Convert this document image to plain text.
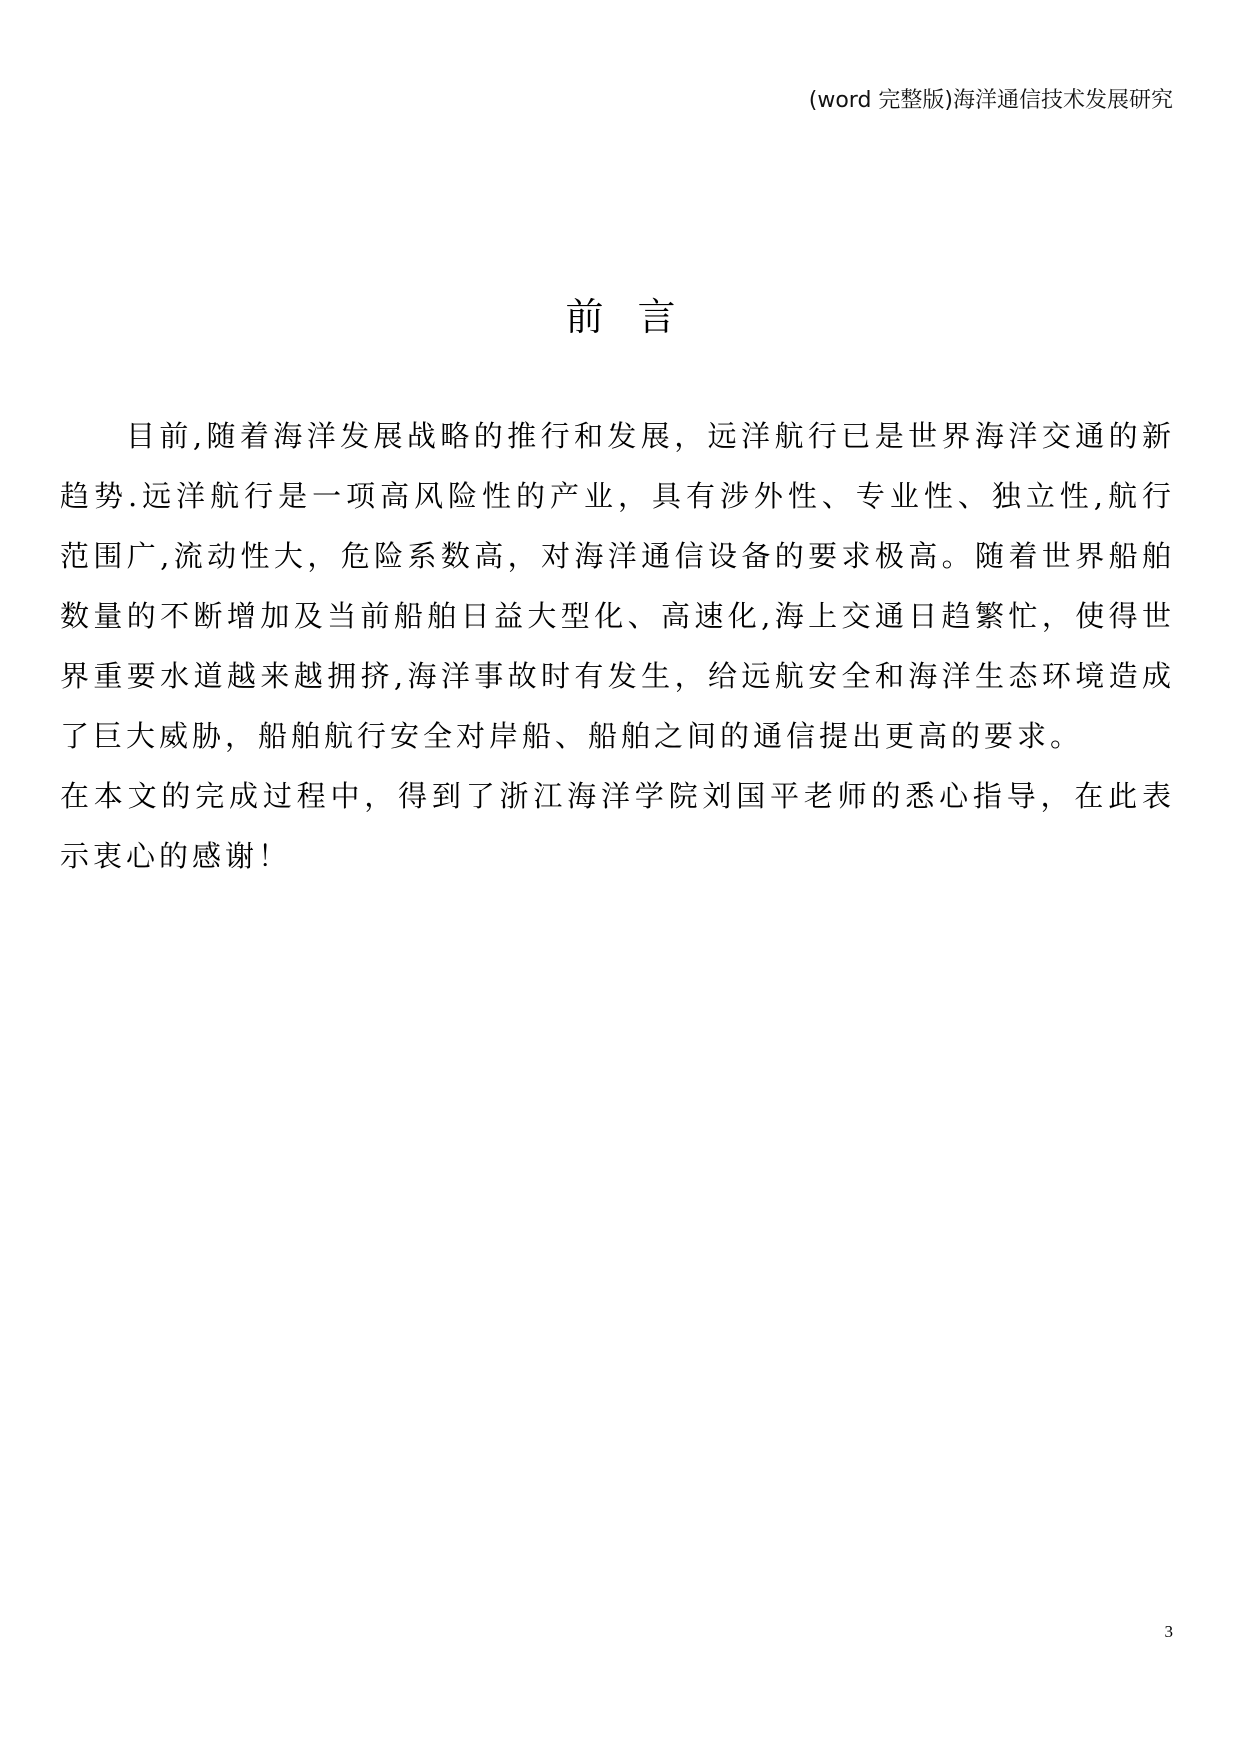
(word 完整版)海洋通信技术发展研究
前言

目前,随着海洋发展战略的推行和发展，远洋航行已是世界海洋交通的新趋势.远洋航行是一项高风险性的产业，具有涉外性、专业性、独立性,航行范围广,流动性大，危险系数高，对海洋通信设备的要求极高。随着世界船舶数量的不断增加及当前船舶日益大型化、高速化,海上交通日趋繁忙，使得世界重要水道越来越拥挤,海洋事故时有发生，给远航安全和海洋生态环境造成了巨大威胁，船舶航行安全对岸船、船舶之间的通信提出更高的要求。

在本文的完成过程中，得到了浙江海洋学院刘国平老师的悉心指导，在此表示衷心的感谢！

3
